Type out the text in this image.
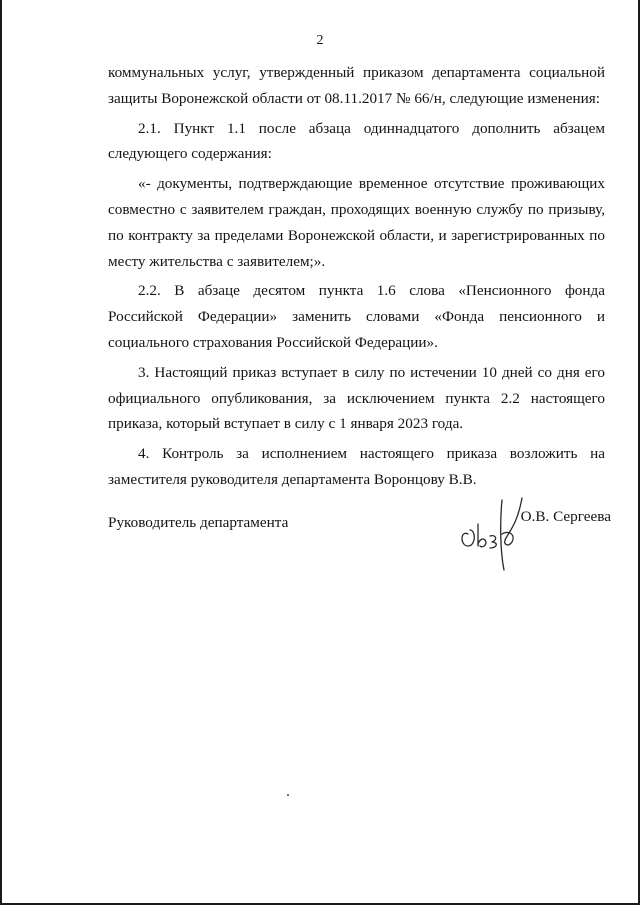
2

коммунальных услуг, утвержденный приказом департамента социальной защиты Воронежской области от 08.11.2017 № 66/н, следующие изменения:

2.1. Пункт 1.1 после абзаца одиннадцатого дополнить абзацем следующего содержания:

«- документы, подтверждающие временное отсутствие проживающих совместно с заявителем граждан, проходящих военную службу по призыву, по контракту за пределами Воронежской области, и зарегистрированных по месту жительства с заявителем;».

2.2. В абзаце десятом пункта 1.6 слова «Пенсионного фонда Российской Федерации» заменить словами «Фонда пенсионного и социального страхования Российской Федерации».

3. Настоящий приказ вступает в силу по истечении 10 дней со дня его официального опубликования, за исключением пункта 2.2 настоящего приказа, который вступает в силу с 1 января 2023 года.

4. Контроль за исполнением настоящего приказа возложить на заместителя руководителя департамента Воронцову В.В.

Руководитель департамента	О.В. Сергеева
